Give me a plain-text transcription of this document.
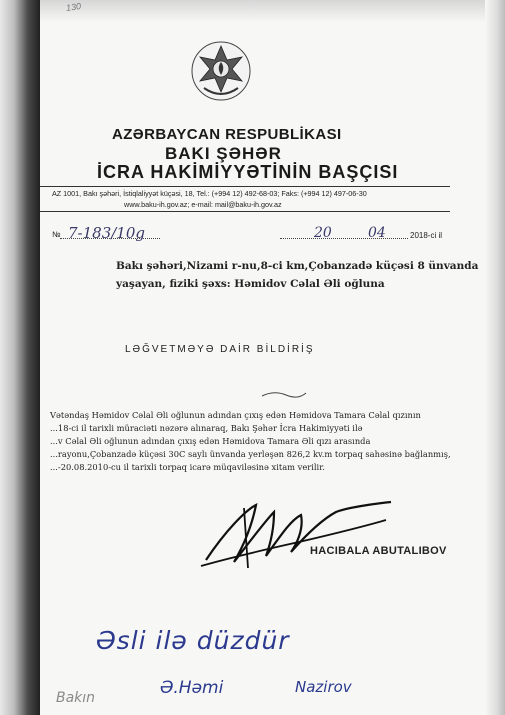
130
AZƏRBAYCAN RESPUBLİKASI
BAKI ŞƏHƏR
İCRA HAKİMİYYƏTİNİN BAŞÇISI
AZ 1001, Bakı şəhəri, İstiqlaliyyət küçəsi, 18, Tel.: (+994 12) 492-68-03; Faks: (+994 12) 497-06-30
www.baku-ih.gov.az; e-mail: mail@baku-ih.gov.az
№ 7-183/10g	20	04	2018-ci il
Bakı şəhəri,Nizami r-nu,8-ci km,Çobanzadə küçəsi 8 ünvanda
yaşayan, fiziki şəxs: Həmidov Cəlal Əli oğluna
LƏĞVETMƏYƏ DAİR BİLDİRİŞ
Vətəndaş Həmidov Cəlal Əli oğlunun adından çıxış edən Həmidova Tamara Cəlal qızının
...18-ci il tarixli müraciəti nəzərə alınaraq, Bakı Şəhər İcra Hakimiyyəti ilə
...v Cəlal Əli oğlunun adından çıxış edən Həmidova Tamara Əli qızı arasında
...rayonu,Çobanzadə küçəsi 30C saylı ünvanda yerləşən 826,2 kv.m torpaq sahəsinə bağlanmış,
...-20.08.2010-cu il tarixli torpaq icarə müqaviləsinə xitam verilir.
HACIBALA ABUTALIBOV
Əsli ilə düzdür
Ə.Həmi	Nazirov
Bakın
